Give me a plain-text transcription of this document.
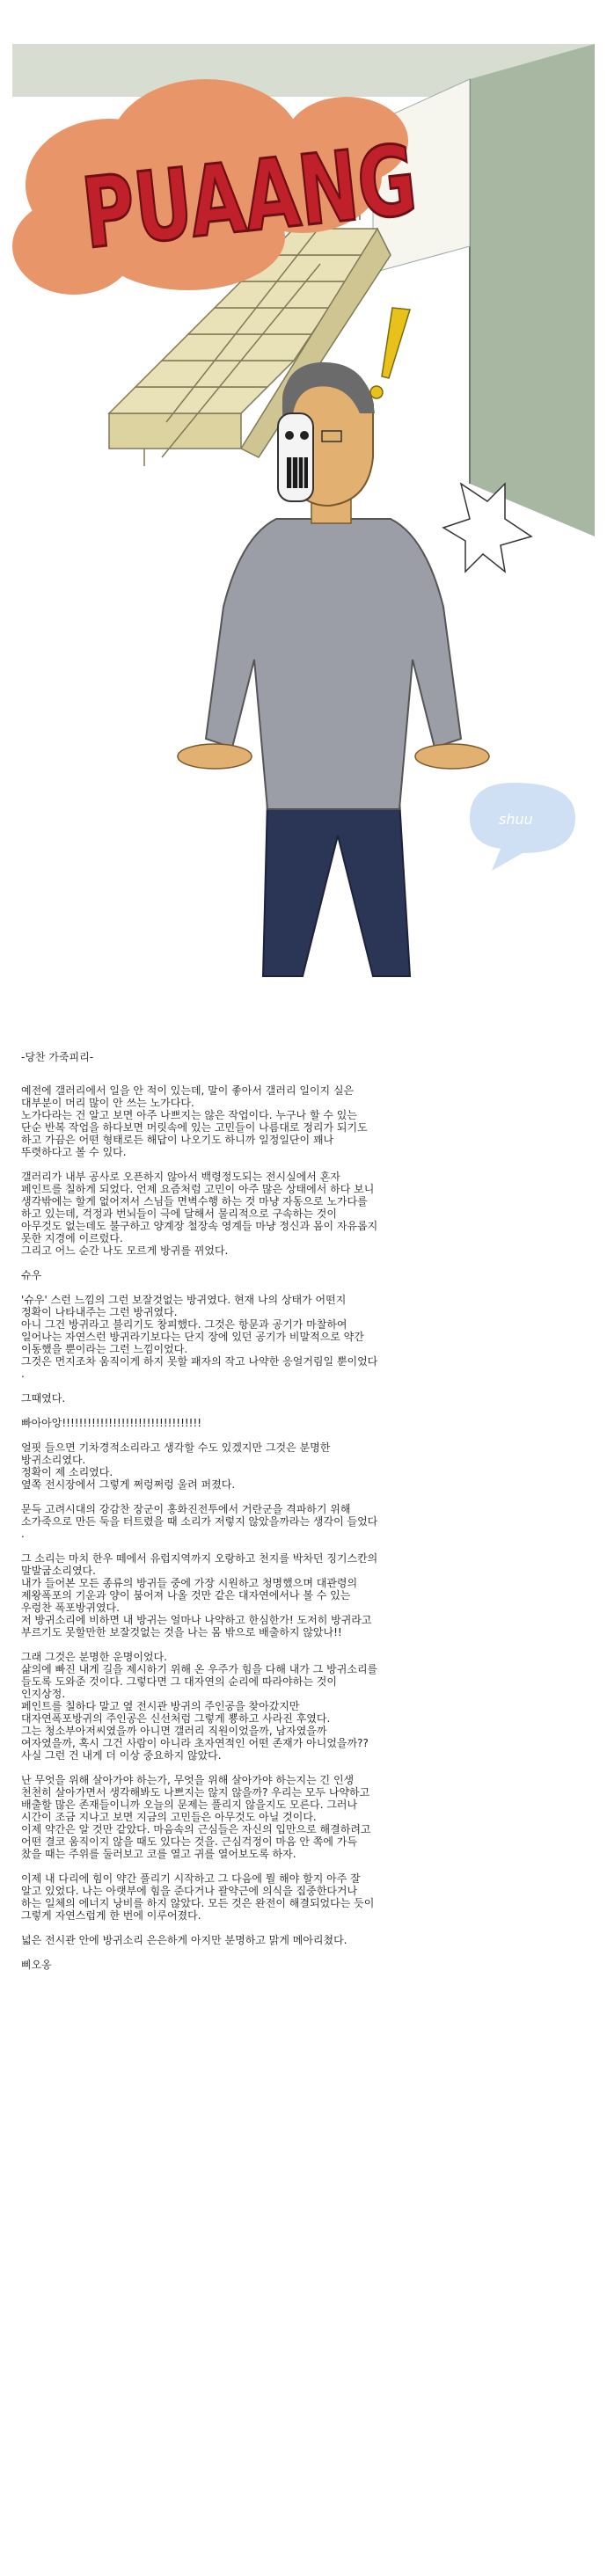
PUAANG
shuu

-당찬 가죽피리-

예전에 갤러리에서 일을 안 적이 있는데, 말이 좋아서 갤러리 일이지 실은
대부분이 머리 많이 안 쓰는 노가다다.
노가다라는 건 알고 보면 아주 나쁘지는 않은 작업이다. 누구나 할 수 있는
단순 반복 작업을 하다보면 머릿속에 있는 고민들이 나름대로 정리가 되기도
하고 가끔은 어떤 형태로든 해답이 나오기도 하니까 일정일단이 꽤나
뚜렷하다고 볼 수 있다.

갤러리가 내부 공사로 오픈하지 않아서 백령정도되는 전시실에서 혼자
페인트를 칠하게 되었다. 언제 요즘처럼 고민이 아주 많은 상태에서 하다 보니
생각밖에는 할게 없어져서 스님들 면벽수행 하는 것 마냥 자동으로 노가다를
하고 있는데, 걱정과 번뇌들이 극에 달해서 물리적으로 구속하는 것이
아무것도 없는데도 불구하고 양계장 철장속 영계들 마냥 정신과 몸이 자유롭지
못한 지경에 이르렀다.
그리고 어느 순간 나도 모르게 방귀를 뀌었다.

슈우

'슈우' 스런 느낌의 그런 보잘것없는 방귀였다. 현재 나의 상태가 어떤지
정확이 나타내주는 그런 방귀였다.
아니 그건 방귀라고 불리기도 창피했다. 그것은 항문과 공기가 마찰하여
일어나는 자연스런 방귀라기보다는 단지 장에 있던 공기가 비말적으로 약간
이동했을 뿐이라는 그런 느낌이었다.
그것은 먼지조차 움직이게 하지 못할 패자의 작고 나약한 응얼거림일 뿐이었다
.

그때였다.

빠아아앙!!!!!!!!!!!!!!!!!!!!!!!!!!!!!!!!!

얼핏 들으면 기차경적소리라고 생각할 수도 있겠지만 그것은 분명한
방귀소리였다.
정확이 제 소리였다.
옆쪽 전시장에서 그렇게 쩌렁쩌렁 울려 퍼졌다.

문득 고려시대의 강감찬 장군이 홍화진전투에서 거란군을 격파하기 위해
소가죽으로 만든 둑을 터트렸을 때 소리가 저렇지 않았을까라는 생각이 들었다
.

그 소리는 마치 한우 떼에서 유럽지역까지 오랑하고 천지를 박차던 징기스칸의
말발굽소리였다.
내가 들어본 모든 종류의 방귀들 중에 가장 시원하고 청명했으며 대관령의
제왕폭포의 기운과 양이 붐어져 나올 것만 같은 대자연에서나 볼 수 있는
우렁찬 폭포방귀였다.
저 방귀소리에 비하면 내 방귀는 얼마나 나약하고 한심한가! 도저히 방귀라고
부르기도 못할만한 보잘것없는 것을 나는 몸 밖으로 배출하지 않았나!!

그래 그것은 분명한 운명이었다.
삶의에 빠진 내게 길을 제시하기 위해 온 우주가 힘을 다해 내가 그 방귀소리를
들도록 도와준 것이다. 그렇다면 그 대자연의 순리에 따라야하는 것이
인지상정.
페인트를 칠하다 말고 옆 전시관 방귀의 주인공을 찾아갔지만
대자연폭포방귀의 주인공은 신선처럼 그렇게 뿅하고 사라진 후였다.
그는 청소부아저씨였을까 아니면 갤러리 직원이었을까, 남자였을까
여자였을까, 혹시 그건 사람이 아니라 초자연적인 어떤 존재가 아니었을까??
사실 그런 건 내게 더 이상 중요하지 않았다.

난 무엇을 위해 살아가야 하는가, 무엇을 위해 살아가야 하는지는 긴 인생
천천히 살아가면서 생각해봐도 나쁘지는 않지 않을까? 우리는 모두 나약하고
배출할 많은 존재들이니까 오늘의 문제는 풀리지 않을지도 모른다. 그러나
시간이 조금 지나고 보면 지금의 고민들은 아무것도 아닐 것이다.
이제 약간은 알 것만 같았다. 마음속의 근심들은 자신의 입만으로 해결하려고
어떤 결코 움직이지 않을 때도 있다는 것을. 근심걱정이 마음 안 쪽에 가득
찼을 때는 주위를 둘러보고 코를 열고 귀를 열어보도록 하자.

이제 내 다리에 힘이 약간 풀리기 시작하고 그 다음에 뭘 해야 할지 아주 잘
알고 있었다. 나는 아랫부에 힘을 준다거나 괄약근에 의식을 집중한다거나
하는 일체의 에너지 낭비를 하지 않았다. 모든 것은 완전이 해결되었다는 듯이
그렇게 자연스럽게 한 번에 이루어졌다.

넓은 전시관 안에 방귀소리 은은하게 아지만 분명하고 맑게 메아리쳤다.

삐오옹
